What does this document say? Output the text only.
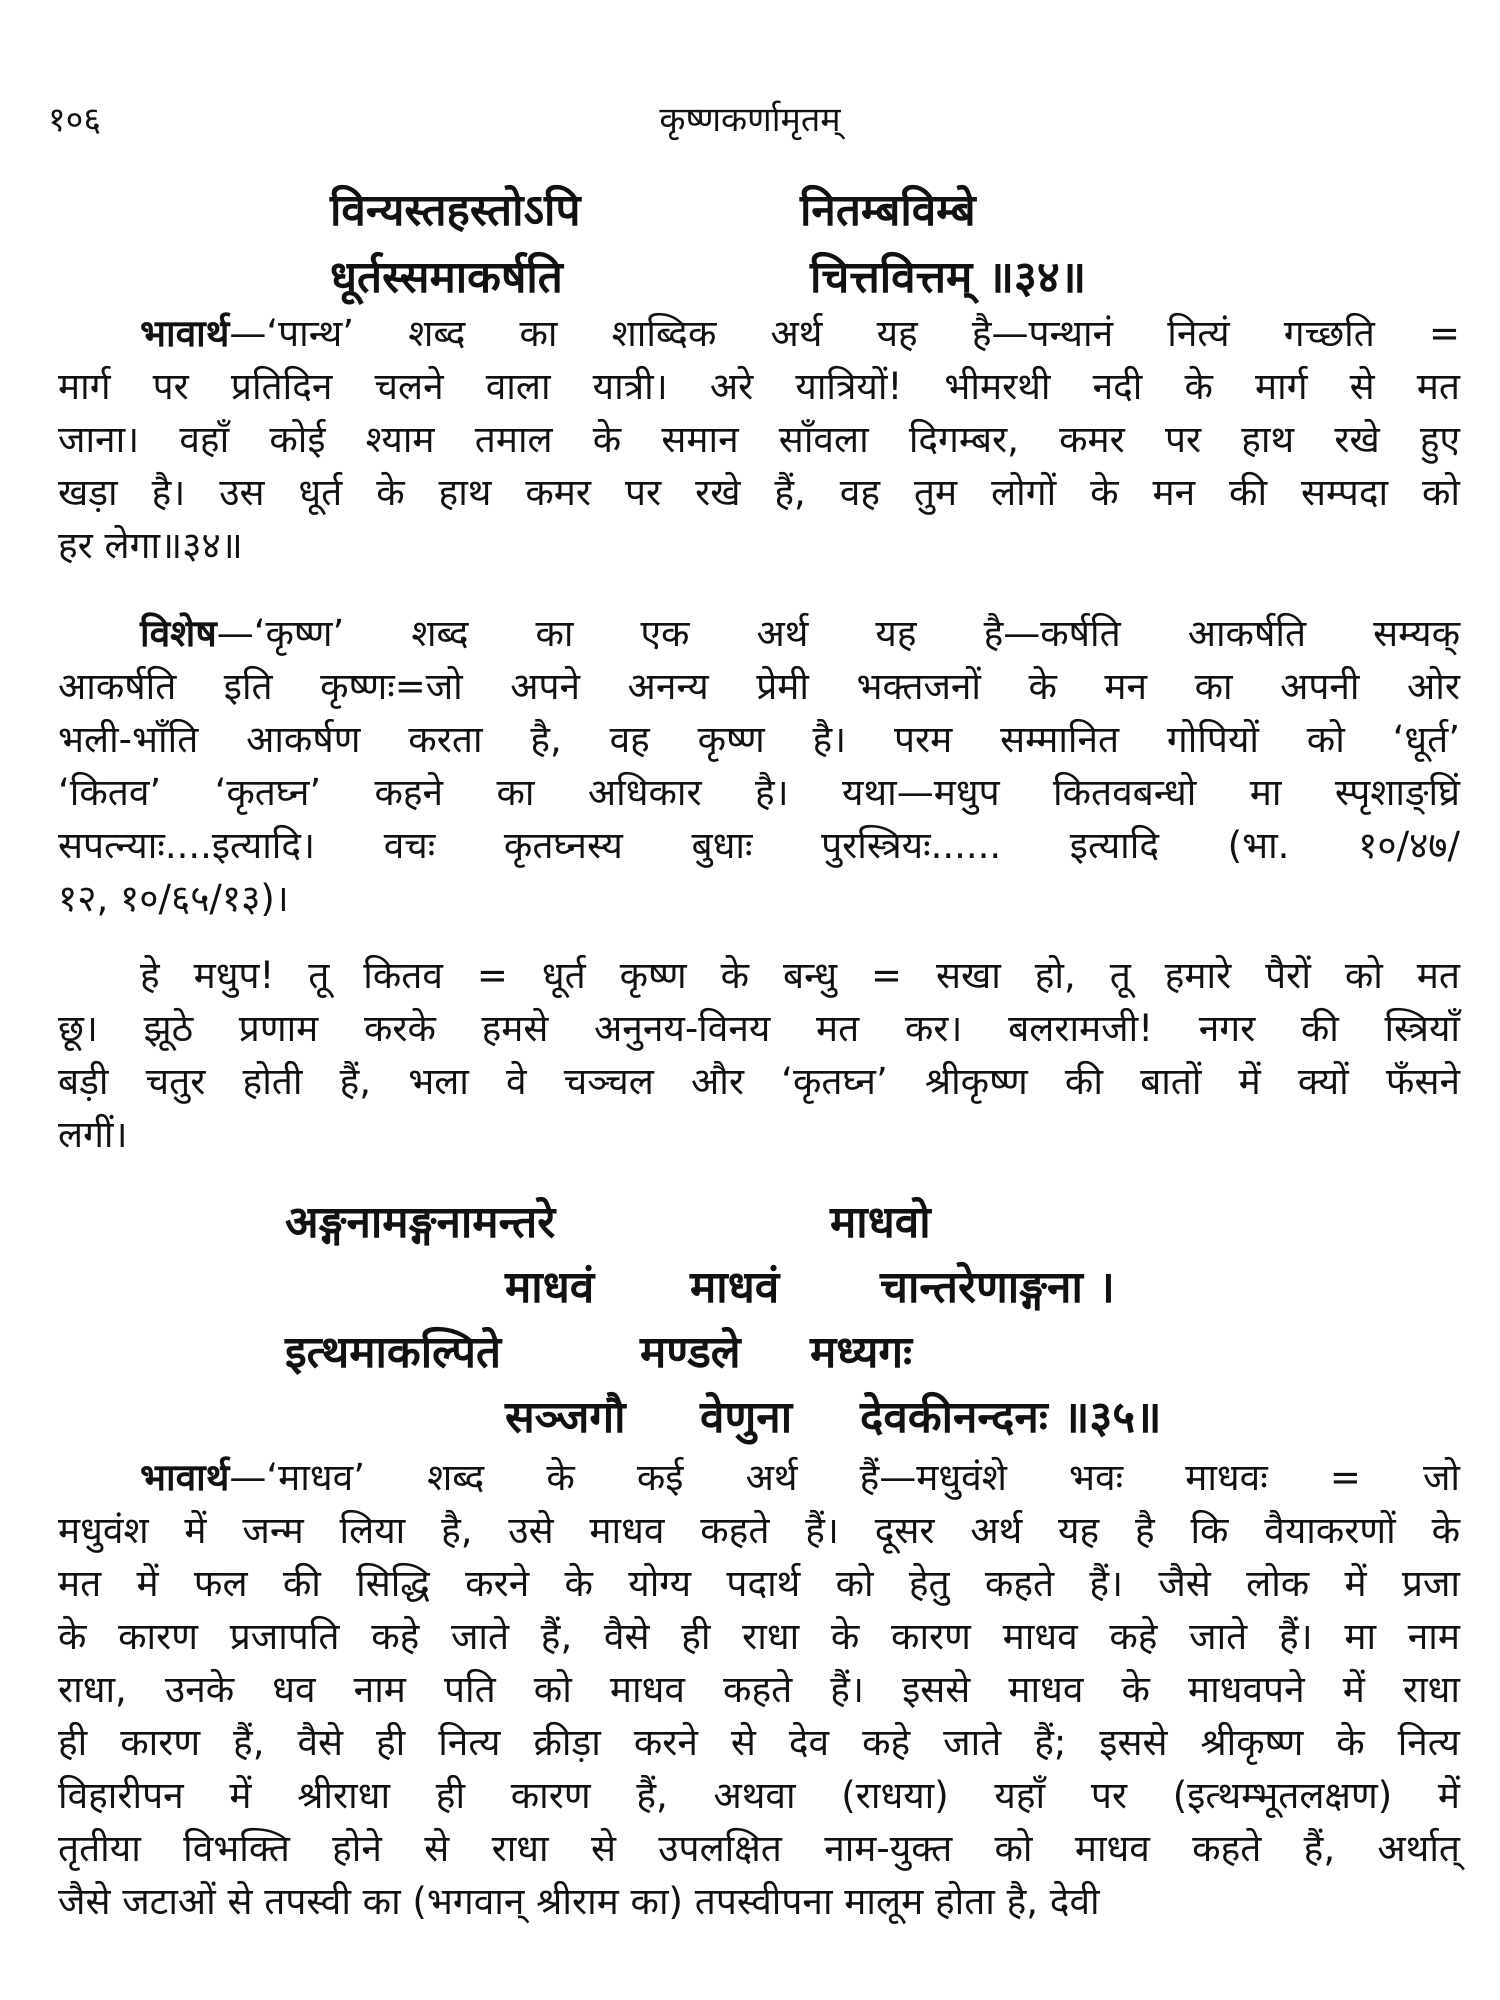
१०६	कृष्णकर्णामृतम्
विन्यस्तहस्तोऽपि	नितम्बविम्बे
धूर्तस्समाकर्षति	चित्तवित्तम् ॥३४॥
भावार्थ—‘पान्थ’ शब्द का शाब्दिक अर्थ यह है—पन्थानं नित्यं गच्छति =
मार्ग पर प्रतिदिन चलने वाला यात्री। अरे यात्रियों! भीमरथी नदी के मार्ग से मत
जाना। वहाँ कोई श्याम तमाल के समान साँवला दिगम्बर, कमर पर हाथ रखे हुए
खड़ा है। उस धूर्त के हाथ कमर पर रखे हैं, वह तुम लोगों के मन की सम्पदा को
हर लेगा॥३४॥
विशेष—‘कृष्ण’ शब्द का एक अर्थ यह है—कर्षति आकर्षति सम्यक्
आकर्षति इति कृष्णः=जो अपने अनन्य प्रेमी भक्तजनों के मन का अपनी ओर
भली-भाँति आकर्षण करता है, वह कृष्ण है। परम सम्मानित गोपियों को ‘धूर्त’
‘कितव’ ‘कृतघ्न’ कहने का अधिकार है। यथा—मधुप कितवबन्धो मा स्पृशाङ्घ्रिं
सपत्न्याः....इत्यादि। वचः कृतघ्नस्य बुधाः पुरस्त्रियः...... इत्यादि (भा. १०/४७/
१२, १०/६५/१३)।
हे मधुप! तू कितव = धूर्त कृष्ण के बन्धु = सखा हो, तू हमारे पैरों को मत
छू। झूठे प्रणाम करके हमसे अनुनय-विनय मत कर। बलरामजी! नगर की स्त्रियाँ
बड़ी चतुर होती हैं, भला वे चञ्चल और ‘कृतघ्न’ श्रीकृष्ण की बातों में क्यों फँसने
लगीं।
अङ्गनामङ्गनामन्तरे	माधवो
माधवं माधवं चान्तरेणाङ्गना ।
इत्थमाकल्पिते	मण्डले मध्यगः
सञ्जगौ वेणुना देवकीनन्दनः ॥३५॥
भावार्थ—‘माधव’ शब्द के कई अर्थ हैं—मधुवंशे भवः माधवः = जो
मधुवंश में जन्म लिया है, उसे माधव कहते हैं। दूसर अर्थ यह है कि वैयाकरणों के
मत में फल की सिद्धि करने के योग्य पदार्थ को हेतु कहते हैं। जैसे लोक में प्रजा
के कारण प्रजापति कहे जाते हैं, वैसे ही राधा के कारण माधव कहे जाते हैं। मा नाम
राधा, उनके धव नाम पति को माधव कहते हैं। इससे माधव के माधवपने में राधा
ही कारण हैं, वैसे ही नित्य क्रीड़ा करने से देव कहे जाते हैं; इससे श्रीकृष्ण के नित्य
विहारीपन में श्रीराधा ही कारण हैं, अथवा (राधया) यहाँ पर (इत्थम्भूतलक्षण) में
तृतीया विभक्ति होने से राधा से उपलक्षित नाम-युक्त को माधव कहते हैं, अर्थात्
जैसे जटाओं से तपस्वी का (भगवान् श्रीराम का) तपस्वीपना मालूम होता है, देवी
